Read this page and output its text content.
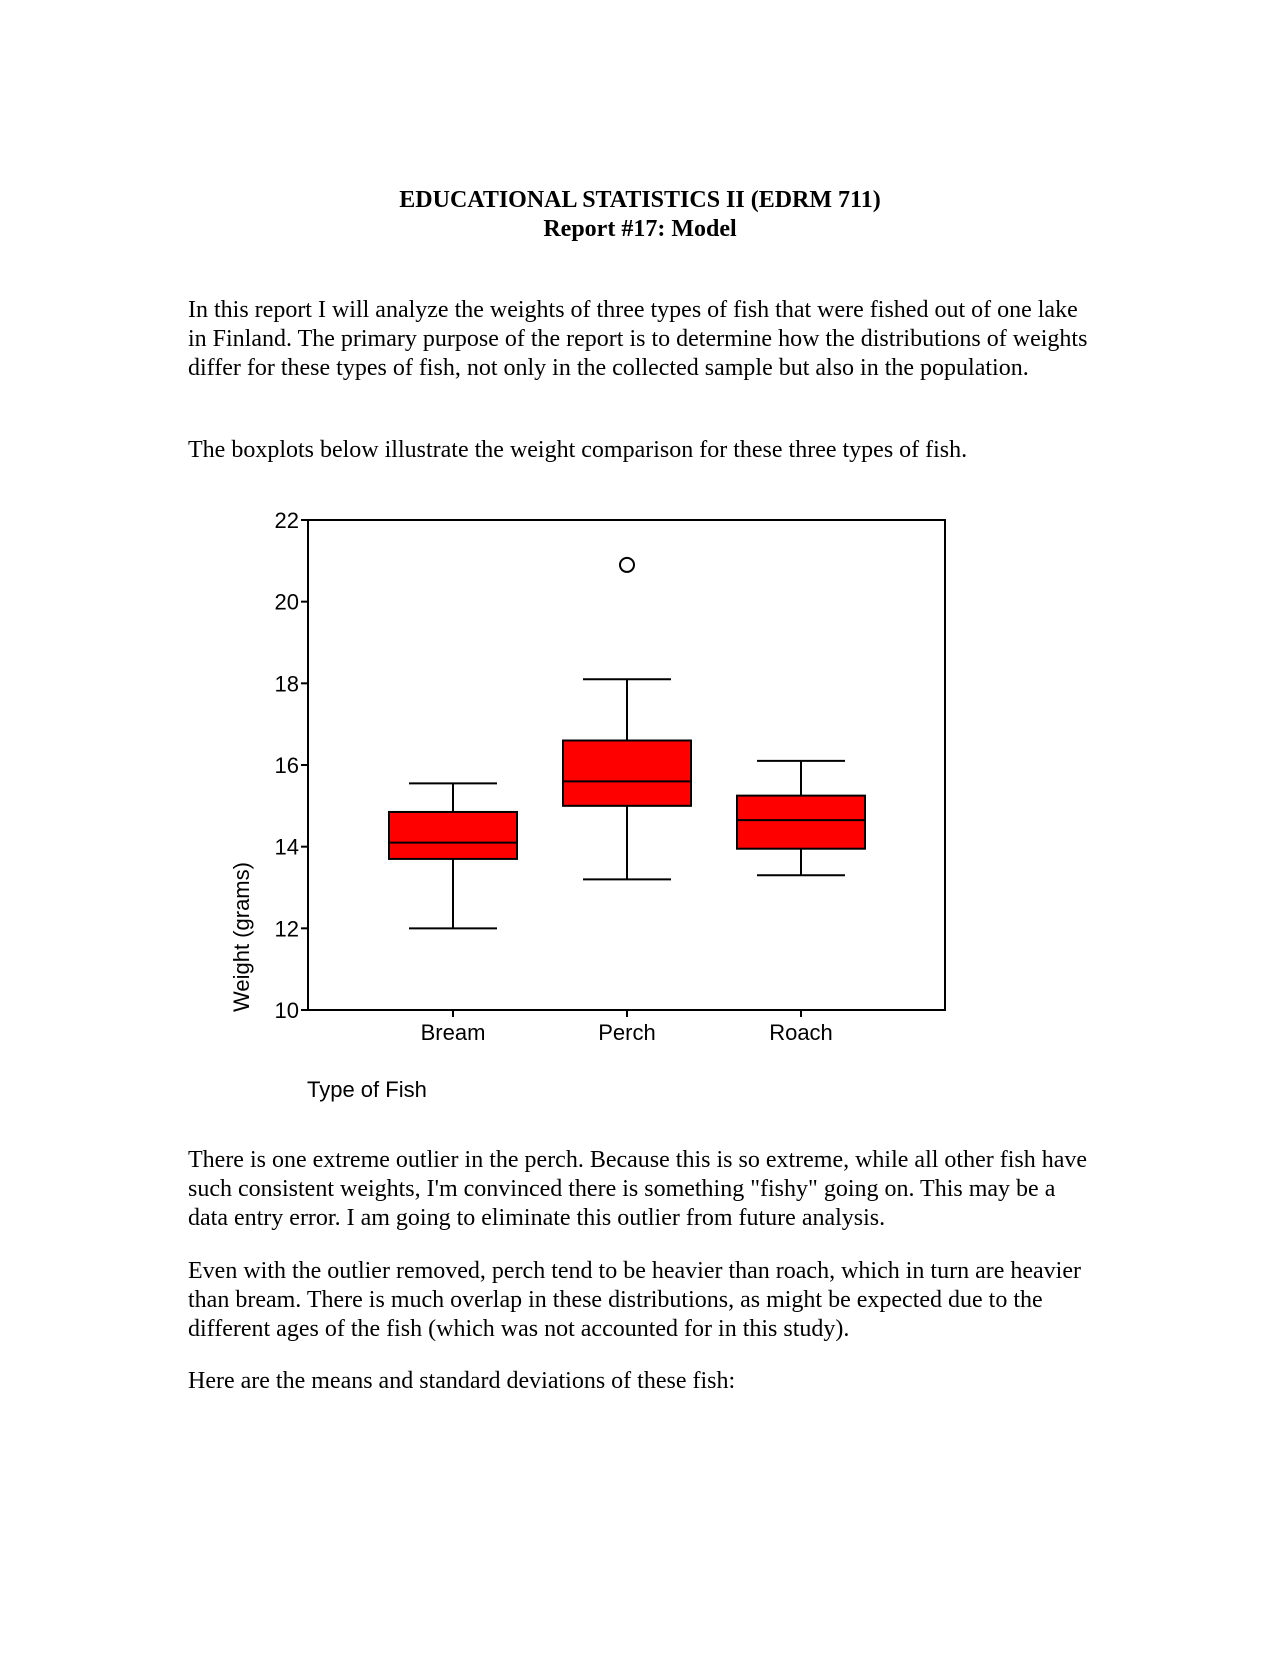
EDUCATIONAL STATISTICS II (EDRM 711)
Report #17: Model

In this report I will analyze the weights of three types of fish that were fished out of one lake in Finland. The primary purpose of the report is to determine how the distributions of weights differ for these types of fish, not only in the collected sample but also in the population.

The boxplots below illustrate the weight comparison for these three types of fish.

10
12
14
16
18
20
22
Bream	Perch	Roach
Weight (grams)
Type of Fish

There is one extreme outlier in the perch. Because this is so extreme, while all other fish have such consistent weights, I'm convinced there is something "fishy" going on. This may be a data entry error. I am going to eliminate this outlier from future analysis.

Even with the outlier removed, perch tend to be heavier than roach, which in turn are heavier than bream. There is much overlap in these distributions, as might be expected due to the different ages of the fish (which was not accounted for in this study).

Here are the means and standard deviations of these fish:
